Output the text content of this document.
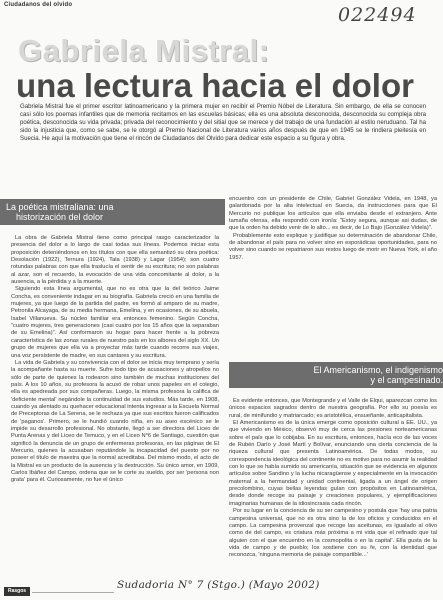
Ciudadanos del olvido	022494
Gabriela Mistral:
una lectura hacia el dolor

Gabriela Mistral fue el primer escritor latinoamericano y la primera mujer en recibir el Premio Nóbel de Literatura. Sin embargo, de ella se conocen casi sólo los poemas infantiles que de memoria recitamos en las escuelas básicas; ella es una absoluta desconocida, desconocida su compleja obra poética, desconocida su vida privada; privada del reconocimiento y del sitial que se merece y del trabajo de una fundación al estilo neruduano. Tal ha sido la injusticia que, como se sabe, se le otorgó al Premio Nacional de Literatura varios años después de que en 1945 se le rindiera pleitesía en Suecia. He aquí la motivación que tiene el rincón de Ciudadanos del Olvido para dedicar este espacio a su figura y obra.

La poética mistraliana: una
historización del dolor

La obra de Gabriela Mistral tiene como principal rasgo caracterizador la presencia del dolor a lo largo de casi todas sus líneas. Podemos iniciar esta proposición deteniéndonos en los títulos con que ella semantizó su obra poética: Desolación (1922), Ternura (1924), Tala (1938) y Lagar (1954); son cuatro rotundas palabras con que ella traslucía el sentir de su escritura; no son palabras al azar, son el recuerdo, la evocación de una vida concomitante al dolor, a la ausencia, a la pérdida y a la muerte.

Siguiendo esta línea argumental, que no es otra que la del teórico Jaime Concha, es conveniente indagar en su biografía. Gabriela creció en una familia de mujeres, ya que luego de la partida del padre, es formó al amparo de su madre, Petronila Alcayaga, de su media hermana, Emelina, y en ocasiones, de su abuela, Isabel Villanueva. Su núcleo familiar era entonces femenino. Según Concha, "cuatro mujeres, tres generaciones (casi cuatro por los 15 años que la separaban de su Emelina)". Así conformaron su hogar para hacer frente a la pobreza característica de las zonas rurales de nuestro país en los albores del siglo XX. Un grupo de mujeres que ella va a proyectar más tarde cuando recorre sus viajes, una voz persistente de madre, en sus cantares y su escritura.

La vida de Gabriela y su convivencia con el dolor se inicia muy temprano y sería la acompañante hasta su muerte. Sufre todo tipo de acusaciones y atropellos no sólo de parte de quienes la rodearon sino también de muchas instituciones del país. A los 10 años, su profesora la acusó de robar unos papeles en el colegio, ella es apedreada por sus compañeras. Luego, la misma profesora la califica de 'deficiente mental' negándole la continuidad de sus estudios. Más tarde, en 1908, cuando ya alentado su quehacer educacional intenta ingresar a la Escuela Normal de Preceptoras de La Serena, se le rechaza ya que sus escritos fueron calificados de 'paganos'. Primero, se le hundió cuando niña, en su aseo escénico se le impide su desarrollo profesional. No obstante, llegó a ser directora del Liceo de Punta Arenas y del Liceo de Temuco, y en el Liceo N°6 de Santiago, cuestión que significó la denuncia de un grupo de enfermeras profesoras, en las páginas de El Mercurio, quienes la acusaban reputándole la incapacidad del puesto por no poseer el título de maestra que la normal acreditaba. Del mismo modo, el acto de la Mistral es un producto de la ausencia y la destrucción. Su único amor, en 1909, Carlos Ibáñez del Campo, ordena que se le corte su sueldo, por ser 'persona non grata' para él. Curiosamente, no fue el único

encuentro con un presidente de Chile, Gabriel González Videla, en 1948, ya galardonada por la alta intelectual en Suecia, da instrucciones para que El Mercurio no publique los artículos que ella enviaba desde el extranjero. Ante tamaña ofensa, ella respondió con ironía: "Estoy segura, aunque asi dudas, de que la orden ha debido venir de lo alto... es decir, de Lo Bajo (González Videla)".

Probablemente esto explique y justifique su determinación de abandonar Chile, de abandonar el país para no volver sino en esporádicas oportunidades, para no volver sino cuando se repatriaron sus restos luego de morir en Nueva York, el año 1957.

El Americanismo, el indigenismo
y el campesinado.

Es evidente entonces, que Montegrande y el Valle de Elqui, aparezcan como los únicos espacios sagrados dentro de nuestra geografía. Por ello su poesía es rural, de minifundio y matriarcado; es aristotélica, ensueñante, anticapitalista.

El Americanismo es de la única emerge como oposición cultural a EE. UU., ya que viviendo en México, observó muy de cerca las presiones norteamericanas sobre el país que lo cobijaba. En su escritura, entonces, hacía eco de las voces de Rubén Darío y José Martí y Bolívar, enunciando una cierta conciencia de la riqueza cultural que presenta Latinoamérica. De todas modos, su correspondencia ideológica del continente no es motivo para no asumir la realidad con lo que se había sumido su americanía, situación que se evidencia en algunos artículos sobre Sandino y la lucha nicaragüense y especialmente en la invocación maternal a la hermandad y unidad continental, ligada a un ángel de origen precolombino, cuyas bellas leyendas guían con propósitos en Latinoamérica, desde donde recoge su paisaje y creaciones populares, y ejemplificaciones imaginarias humanas de la idiosincrasia cada rincón.

Por su lugar en la conciencia de su ser campesino y postula que 'hay una patria campesina universal, que no es otra sino la de los oficios y conducidos en el campo. La campesina provenzal que recoge las aceitunas, es igualado al olivo como de del campo, es criatura más próxima a mi vida que el refinado que tal alguien con el que encuentro en la cosmopolita o en la capital'. Ella gusta de la vida de campo y de pueblo; los sostiene con su fe, con la identidad que reconozca, 'ninguna memoria de paisaje compartible...'

Rasgos	Sudadoria N° 7 (Stgo.) (Mayo 2002)
